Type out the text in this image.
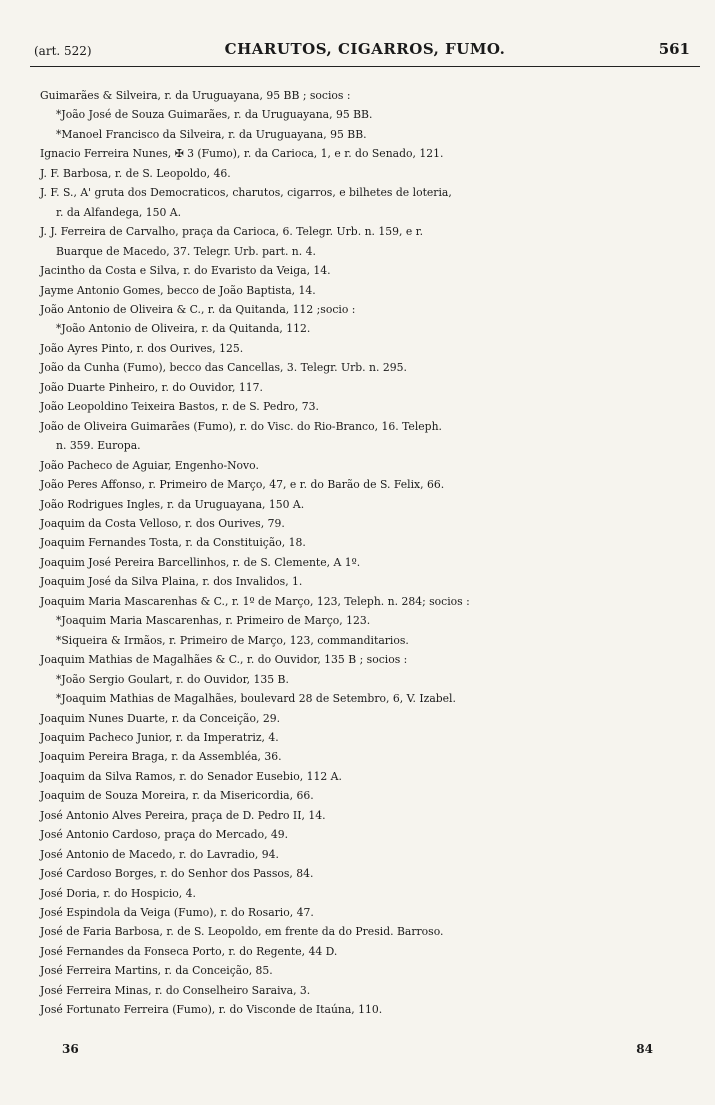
(art. 522)	CHARUTOS, CIGARROS, FUMO.	561
Guimarães & Silveira, r. da Uruguayana, 95 BB ; socios :
*João José de Souza Guimarães, r. da Uruguayana, 95 BB.
*Manoel Francisco da Silveira, r. da Uruguayana, 95 BB.
Ignacio Ferreira Nunes, ✠ 3 (Fumo), r. da Carioca, 1, e r. do Senado, 121.
J. F. Barbosa, r. de S. Leopoldo, 46.
J. F. S., A' gruta dos Democraticos, charutos, cigarros, e bilhetes de loteria,
r. da Alfandega, 150 A.
J. J. Ferreira de Carvalho, praça da Carioca, 6. Telegr. Urb. n. 159, e r.
Buarque de Macedo, 37. Telegr. Urb. part. n. 4.
Jacintho da Costa e Silva, r. do Evaristo da Veiga, 14.
Jayme Antonio Gomes, becco de João Baptista, 14.
João Antonio de Oliveira & C., r. da Quitanda, 112 ;socio :
*João Antonio de Oliveira, r. da Quitanda, 112.
João Ayres Pinto, r. dos Ourives, 125.
João da Cunha (Fumo), becco das Cancellas, 3. Telegr. Urb. n. 295.
João Duarte Pinheiro, r. do Ouvidor, 117.
João Leopoldino Teixeira Bastos, r. de S. Pedro, 73.
João de Oliveira Guimarães (Fumo), r. do Visc. do Rio-Branco, 16. Teleph.
n. 359. Europa.
João Pacheco de Aguiar, Engenho-Novo.
João Peres Affonso, r. Primeiro de Março, 47, e r. do Barão de S. Felix, 66.
João Rodrigues Ingles, r. da Uruguayana, 150 A.
Joaquim da Costa Velloso, r. dos Ourives, 79.
Joaquim Fernandes Tosta, r. da Constituição, 18.
Joaquim José Pereira Barcellinhos, r. de S. Clemente, A 1º.
Joaquim José da Silva Plaina, r. dos Invalidos, 1.
Joaquim Maria Mascarenhas & C., r. 1º de Março, 123, Teleph. n. 284; socios :
*Joaquim Maria Mascarenhas, r. Primeiro de Março, 123.
*Siqueira & Irmãos, r. Primeiro de Março, 123, commanditarios.
Joaquim Mathias de Magalhães & C., r. do Ouvidor, 135 B ; socios :
*João Sergio Goulart, r. do Ouvidor, 135 B.
*Joaquim Mathias de Magalhães, boulevard 28 de Setembro, 6, V. Izabel.
Joaquim Nunes Duarte, r. da Conceição, 29.
Joaquim Pacheco Junior, r. da Imperatriz, 4.
Joaquim Pereira Braga, r. da Assembléa, 36.
Joaquim da Silva Ramos, r. do Senador Eusebio, 112 A.
Joaquim de Souza Moreira, r. da Misericordia, 66.
José Antonio Alves Pereira, praça de D. Pedro II, 14.
José Antonio Cardoso, praça do Mercado, 49.
José Antonio de Macedo, r. do Lavradio, 94.
José Cardoso Borges, r. do Senhor dos Passos, 84.
José Doria, r. do Hospicio, 4.
José Espindola da Veiga (Fumo), r. do Rosario, 47.
José de Faria Barbosa, r. de S. Leopoldo, em frente da do Presid. Barroso.
José Fernandes da Fonseca Porto, r. do Regente, 44 D.
José Ferreira Martins, r. da Conceição, 85.
José Ferreira Minas, r. do Conselheiro Saraiva, 3.
José Fortunato Ferreira (Fumo), r. do Visconde de Itaúna, 110.
36	84
